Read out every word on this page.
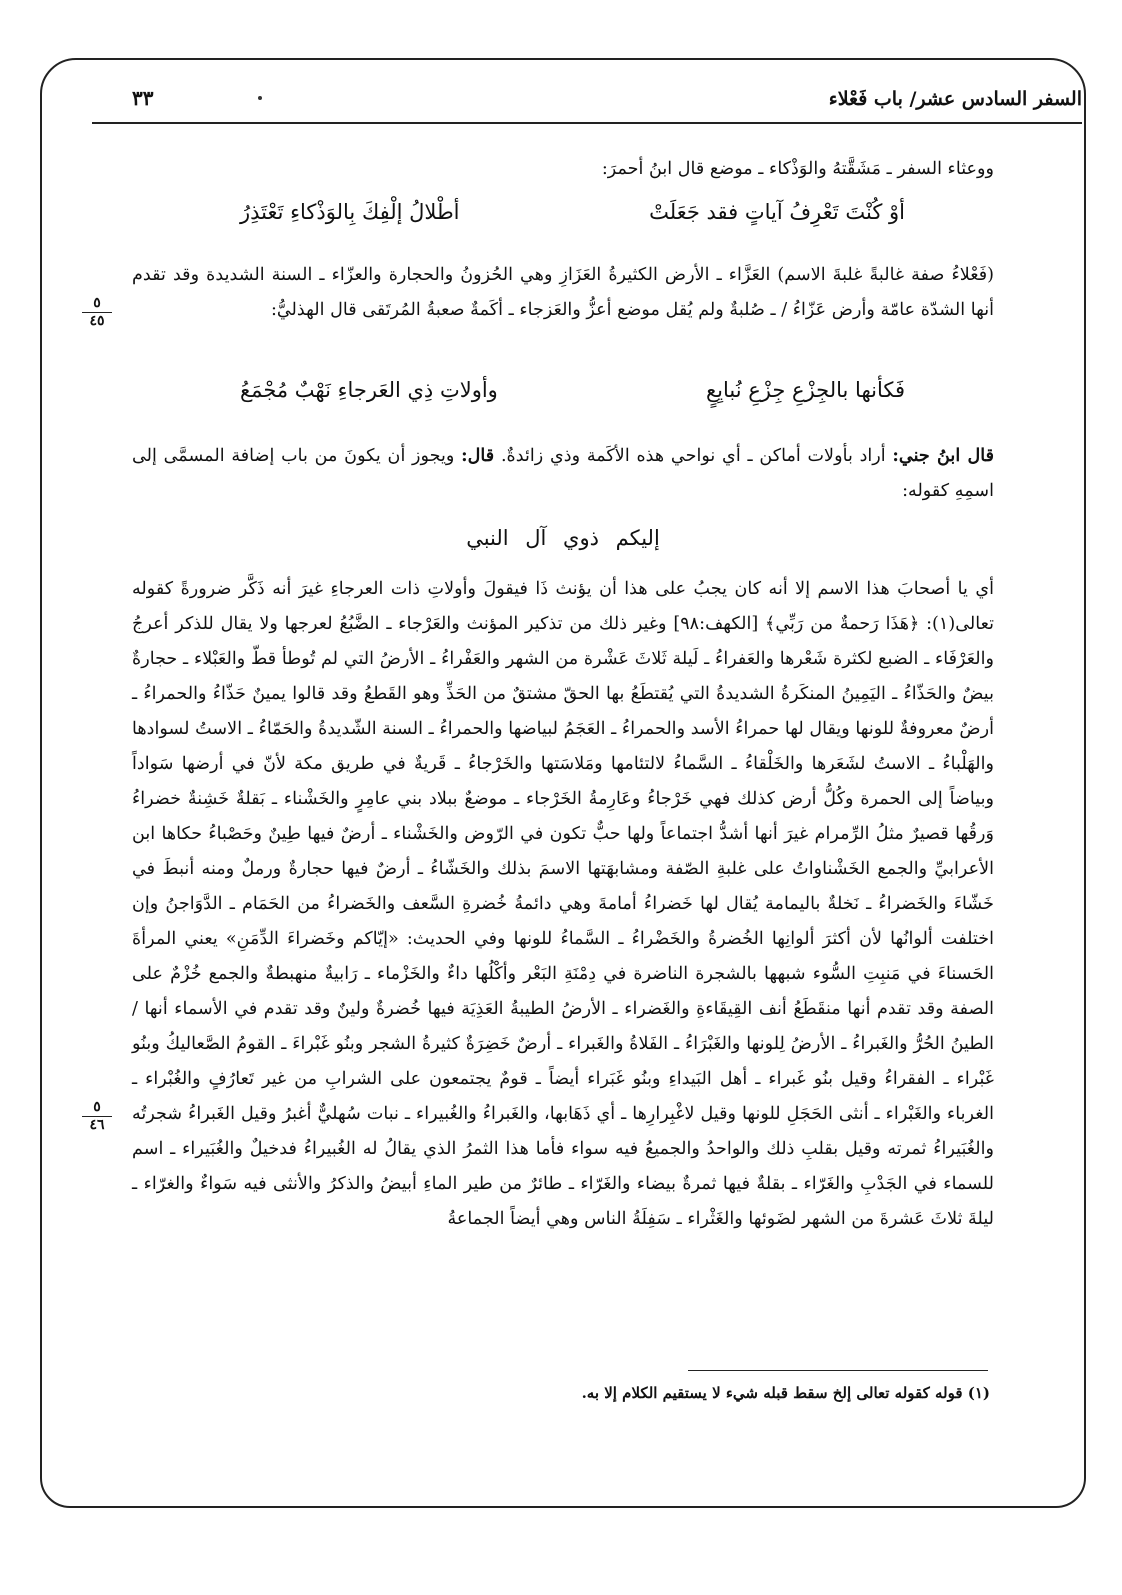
السفر السادس عشر/ باب فَعْلاء
٣٣

ووعثاء السفر ـ مَشَقَّتهُ والوَذْكاء ـ موضع قال ابنُ أحمرَ:

أوْ كُنْتَ تَعْرِفُ آياتٍ فقد جَعَلَتْ
أطْلالُ إلْفِكَ بِالوَذْكاءِ تَعْتَذِرُ

(فَعْلاءُ صفة غالبةً غلبةَ الاسم) العَزَّاء ـ الأرض الكثيرةُ العَزَازِ وهي الحُزونُ والحجارة والعزّاء ـ السنة الشديدة وقد تقدم أنها الشدّة عامّة وأرض عَزّاءُ / ـ صُلبةٌ ولم يُقل موضع أعزُّ والعَزجاء ـ أكَمةٌ صعبةُ المُرتَقى قال الهذليُّ:

٥
٤٥
فَكأنها بالجِزْعِ جِزْعِ نُبايِعٍ
وأولاتِ ذِي العَرجاءِ نَهْبٌ مُجْمَعُ

قال ابنُ جني: أراد بأولات أماكن ـ أي نواحي هذه الأكَمة وذي زائدةٌ. قال: ويجوز أن يكونَ من باب إضافة المسمَّى إلى اسمِهِ كقوله:

إليكم ذوي آل النبي

أي يا أصحابَ هذا الاسم إلا أنه كان يجبُ على هذا أن يؤنث ذَا فيقولَ وأولاتِ ذات العرجاءِ غيرَ أنه ذَكَّر ضرورةً كقوله تعالى(١): ﴿هَذَا رَحمةٌ من رَبِّي﴾ [الكهف:٩٨] وغير ذلك من تذكير المؤنث والعَرْجاء ـ الضَّبُعُ لعرجها ولا يقال للذكر أعرجُ والعَرْفَاء ـ الضبع لكثرة شَعْرها والعَفراءُ ـ لَيلة ثَلاثَ عَشْرة من الشهر والعَفْراءُ ـ الأرضُ التي لم تُوطأ قطّ والعَبْلاء ـ حجارةٌ بيضٌ والحَذّاءُ ـ اليَمِينُ المنكَرةُ الشديدةُ التي يُقتطَعُ بها الحقّ مشتقٌ من الحَذِّ وهو القَطعُ وقد قالوا يمينٌ حَذّاءُ والحمراءُ ـ أرضٌ معروفةٌ للونها ويقال لها حمراءُ الأسد والحمراءُ ـ العَجَمُ لبياضها والحمراءُ ـ السنة الشّديدةُ والحَمّاءُ ـ الاستُ لسوادها والهَلْباءُ ـ الاستُ لشَعَرها والخَلْقاءُ ـ السَّماءُ لالتئامها ومَلاسَتها والخَرْجاءُ ـ قَريةٌ في طريق مكة لأنّ في أرضها سَواداً وبياضاً إلى الحمرة وكُلُّ أرض كذلك فهي خَرْجاءُ وعَارِمةُ الخَرْجاء ـ موضعٌ ببلاد بني عامِرٍ والخَشْناء ـ بَقلةٌ خَشِنةٌ خضراءُ وَرقُها قصيرٌ مثلُ الرِّمرام غيرَ أنها أشدُّ اجتماعاً ولها حبٌّ تكون في الرّوض والخَشْناء ـ أرضٌ فيها طِينٌ وحَصْباءُ حكاها ابن الأعرابيِّ والجمع الخَشْناواتُ على غلبةِ الصّفة ومشابهَتها الاسمَ بذلك والخَشّاءُ ـ أرضٌ فيها حجارةٌ ورملٌ ومنه أنبطَ في خَشّاءَ والخَضراءُ ـ نَخلةٌ باليمامة يُقال لها خَضراءُ أمامةَ وهي دائمةُ خُضرةِ السَّعف والخَضراءُ من الحَمَام ـ الدَّوَاجنُ وإن اختلفت ألوانُها لأن أكثرَ ألوانِها الخُضرةُ والخَضْراءُ ـ السَّماءُ للونها وفي الحديث: «إيّاكم وخَضراءَ الدِّمَنِ» يعني المرأةَ الحَسناءَ في مَنبِتِ السُّوء شبهها بالشجرة الناضرة في دِمْنَةِ البَعْر وأكْلُها داءٌ والخَزْماء ـ رَابيةٌ منهبطةٌ والجمع خُزْمٌ على الصفة وقد تقدم أنها منقَطَعُ أنف القِيقَاءةِ والغَضراء ـ الأرضُ الطيبةُ العَذِيَة فيها خُضرةٌ ولينٌ وقد تقدم في الأسماء أنها / الطينُ الحُرُّ والغَبراءُ ـ الأرضُ لِلونها والغَبْرَاءُ ـ الفَلاةُ والغَبراء ـ أرضٌ خَضِرَةٌ كثيرةُ الشجر وبنُو غَبْراءَ ـ القومُ الصَّعاليكُ وبنُو غَبْراء ـ الفقراءُ وقيل بنُو غَبراء ـ أهل البَيداءِ وبنُو غَبَراء أيضاً ـ قومٌ يجتمعون على الشرابِ من غير تَعارُفٍ والغُبْراء ـ الغرباء والغَبْراء ـ أنثى الحَجَلِ للونها وقيل لاغْبِرارِها ـ أي ذَهَابها، والغَبراءُ والغُبيراء ـ نبات سُهليٌّ أغبرُ وقيل الغَبراءُ شجرتُه والغُبَيراءُ ثمرته وقيل بقلبِ ذلك والواحدُ والجميعُ فيه سواء فأما هذا الثمرُ الذي يقالُ له الغُبيراءُ فدخيلٌ والغُبَيراء ـ اسم للسماء في الجَدْبِ والغَرّاء ـ بقلةٌ فيها ثمرةٌ بيضاء والغَرّاء ـ طائرٌ من طير الماءِ أبيضُ والذكرُ والأنثى فيه سَواءٌ والغرّاء ـ ليلةَ ثلاثَ عَشرةَ من الشهر لضَوئها والغَثْراء ـ سَفِلَةُ الناس وهي أيضاً الجماعةُ

٥
٤٦
(١) قوله كقوله تعالى إلخ سقط قبله شيء لا يستقيم الكلام إلا به.
